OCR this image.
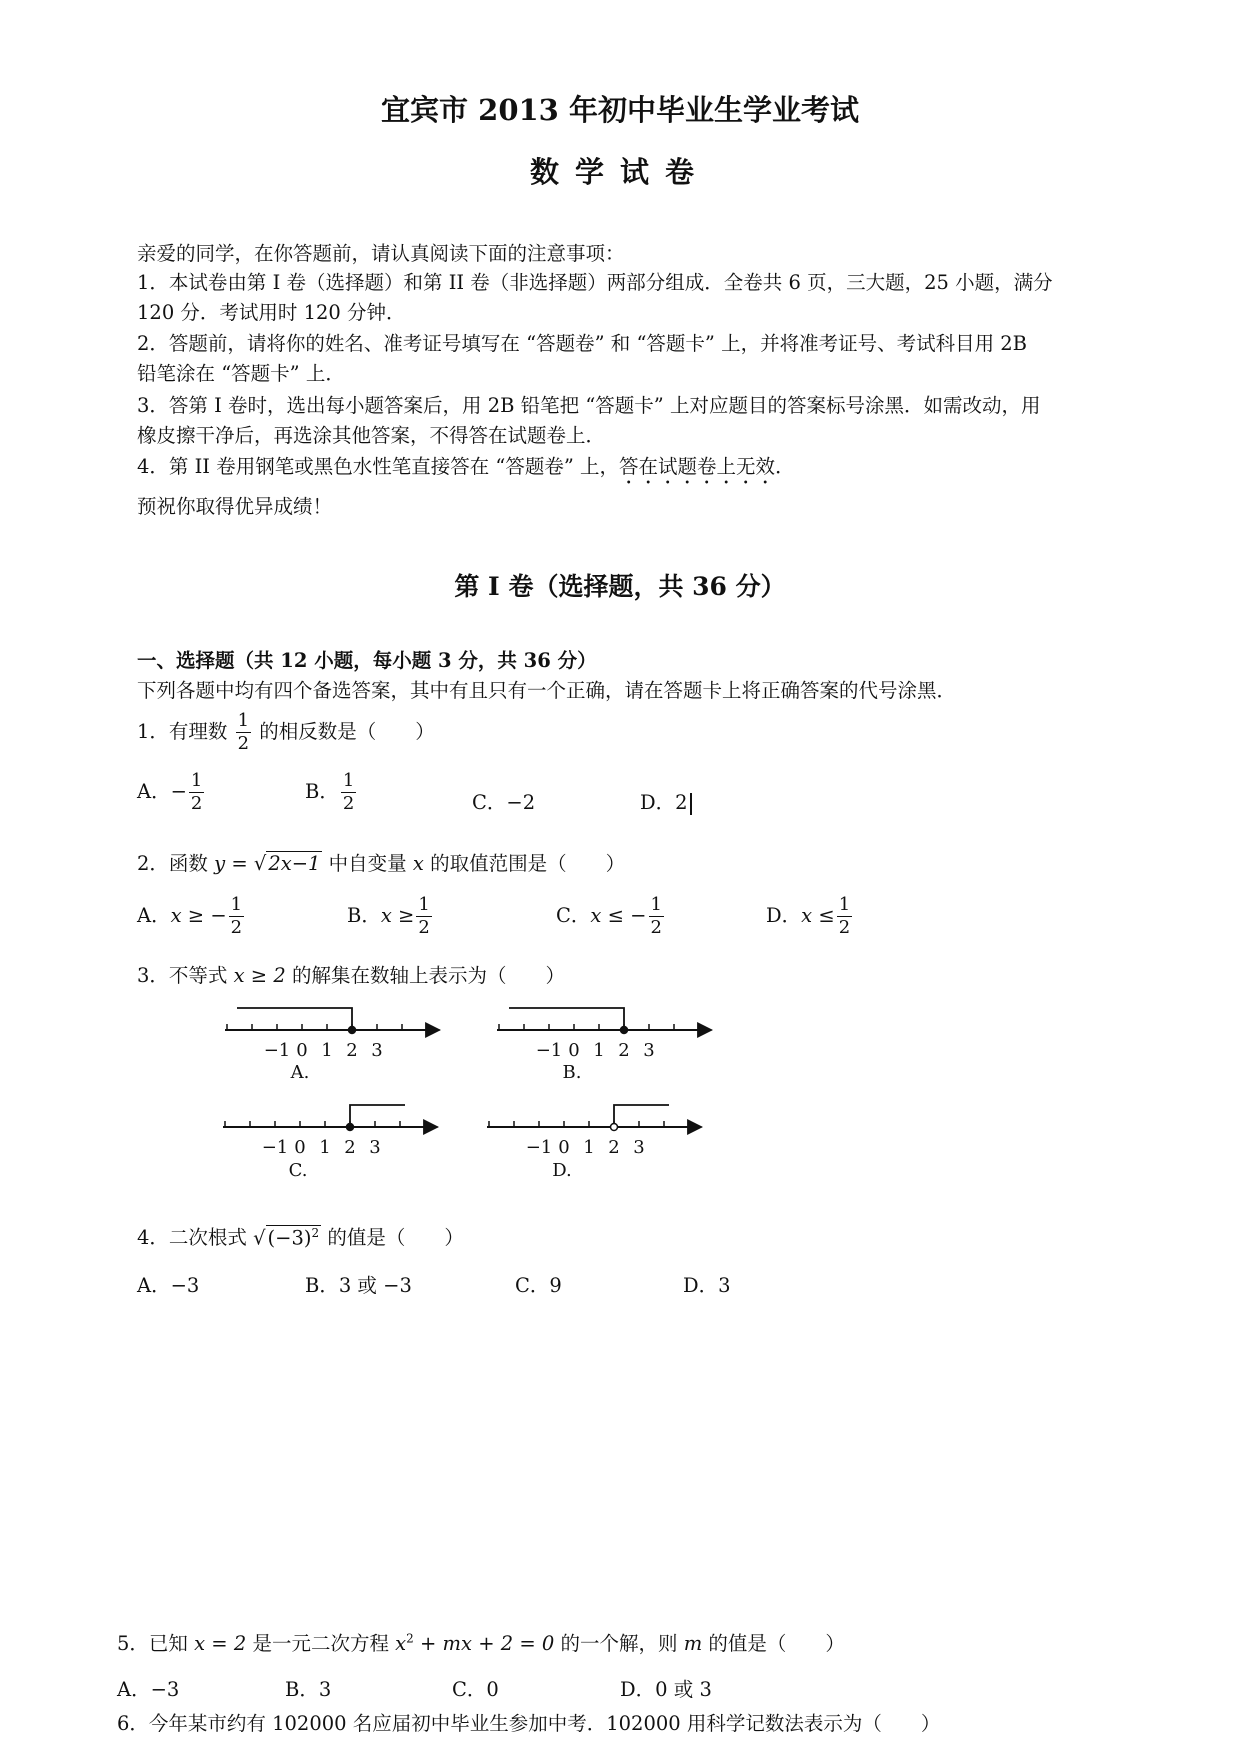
宜宾市 2013 年初中毕业生学业考试
数学试卷
亲爱的同学，在你答题前，请认真阅读下面的注意事项：
1．本试卷由第 I 卷（选择题）和第 II 卷（非选择题）两部分组成．全卷共 6 页，三大题，25 小题，满分
120 分．考试用时 120 分钟．
2．答题前，请将你的姓名、准考证号填写在 “答题卷” 和 “答题卡” 上，并将准考证号、考试科目用 2B
铅笔涂在 “答题卡” 上．
3．答第 I 卷时，选出每小题答案后，用 2B 铅笔把 “答题卡” 上对应题目的答案标号涂黑．如需改动，用
橡皮擦干净后，再选涂其他答案，不得答在试题卷上．
4．第 II 卷用钢笔或黑色水性笔直接答在 “答题卷” 上，答在试题卷上无效．
预祝你取得优异成绩！
第 I 卷（选择题，共 36 分）
一、选择题（共 12 小题，每小题 3 分，共 36 分）
下列各题中均有四个备选答案，其中有且只有一个正确，请在答题卡上将正确答案的代号涂黑．
1．有理数 $\frac{1}{2}$ 的相反数是（　　）
A．− $\frac{1}{2}$	B． $\frac{1}{2}$	C．−2	D．2
2．函数 y = √ 2x−1 中自变量 x 的取值范围是（　　）
A．x ≥ − $\frac{1}{2}$	B．$x \ge \frac{1}{2}$	C．x ≤ − $\frac{1}{2}$	D．$x \le \frac{1}{2}$
3．不等式 x ≥ 2 的解集在数轴上表示为（　　）
−1 0 1 2 3
A.
−1 0 1 2 3
B.
−1 0 1 2 3
C.
−1 0 1 2 3
D.
4．二次根式 √ $(-3)^2$ 的值是（　　）
A．−3	B．3 或 −3	C．9	D．3
5．已知 x = 2 是一元二次方程 $x^2$ + mx + 2 = 0 的一个解，则 m 的值是（　　）
A．−3	B．3	C．0	D．0 或 3
6．今年某市约有 102000 名应届初中毕业生参加中考．102000 用科学记数法表示为（　　）
